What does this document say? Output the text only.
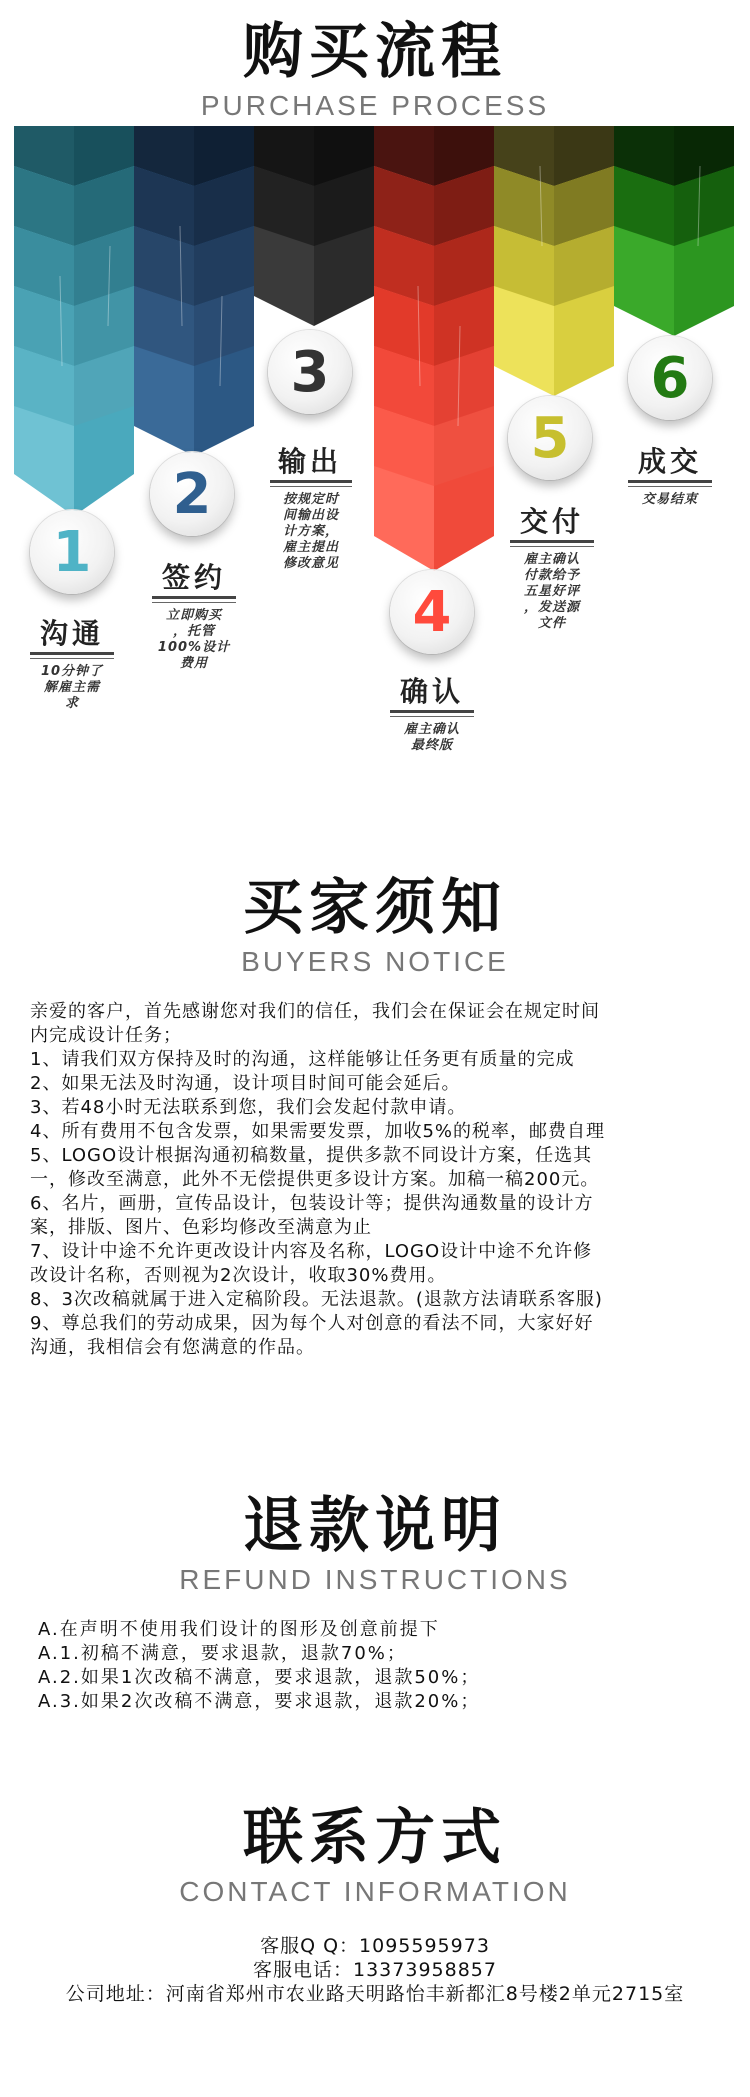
购买流程
PURCHASE PROCESS
1
2
3
4
5
6
沟通
10分钟了
解雇主需
求
签约
立即购买
，托管
100%设计
费用
输出
按规定时
间输出设
计方案，
雇主提出
修改意见
确认
雇主确认
最终版
交付
雇主确认
付款给予
五星好评
，发送源
文件
成交
交易结束
买家须知
BUYERS NOTICE
亲爱的客户，首先感谢您对我们的信任，我们会在保证会在规定时间
内完成设计任务；
1、请我们双方保持及时的沟通，这样能够让任务更有质量的完成
2、如果无法及时沟通，设计项目时间可能会延后。
3、若48小时无法联系到您，我们会发起付款申请。
4、所有费用不包含发票，如果需要发票，加收5%的税率，邮费自理
5、LOGO设计根据沟通初稿数量，提供多款不同设计方案，任选其
一，修改至满意，此外不无偿提供更多设计方案。加稿一稿200元。
6、名片，画册，宣传品设计，包装设计等；提供沟通数量的设计方
案，排版、图片、色彩均修改至满意为止
7、设计中途不允许更改设计内容及名称，LOGO设计中途不允许修
改设计名称，否则视为2次设计，收取30%费用。
8、3次改稿就属于进入定稿阶段。无法退款。(退款方法请联系客服)
9、尊总我们的劳动成果，因为每个人对创意的看法不同，大家好好
沟通，我相信会有您满意的作品。
退款说明
REFUND INSTRUCTIONS
A.在声明不使用我们设计的图形及创意前提下
A.1.初稿不满意，要求退款，退款70%；
A.2.如果1次改稿不满意，要求退款，退款50%；
A.3.如果2次改稿不满意，要求退款，退款20%；
联系方式
CONTACT INFORMATION
客服Q Q：1095595973
客服电话：13373958857
公司地址：河南省郑州市农业路天明路怡丰新都汇8号楼2单元2715室
